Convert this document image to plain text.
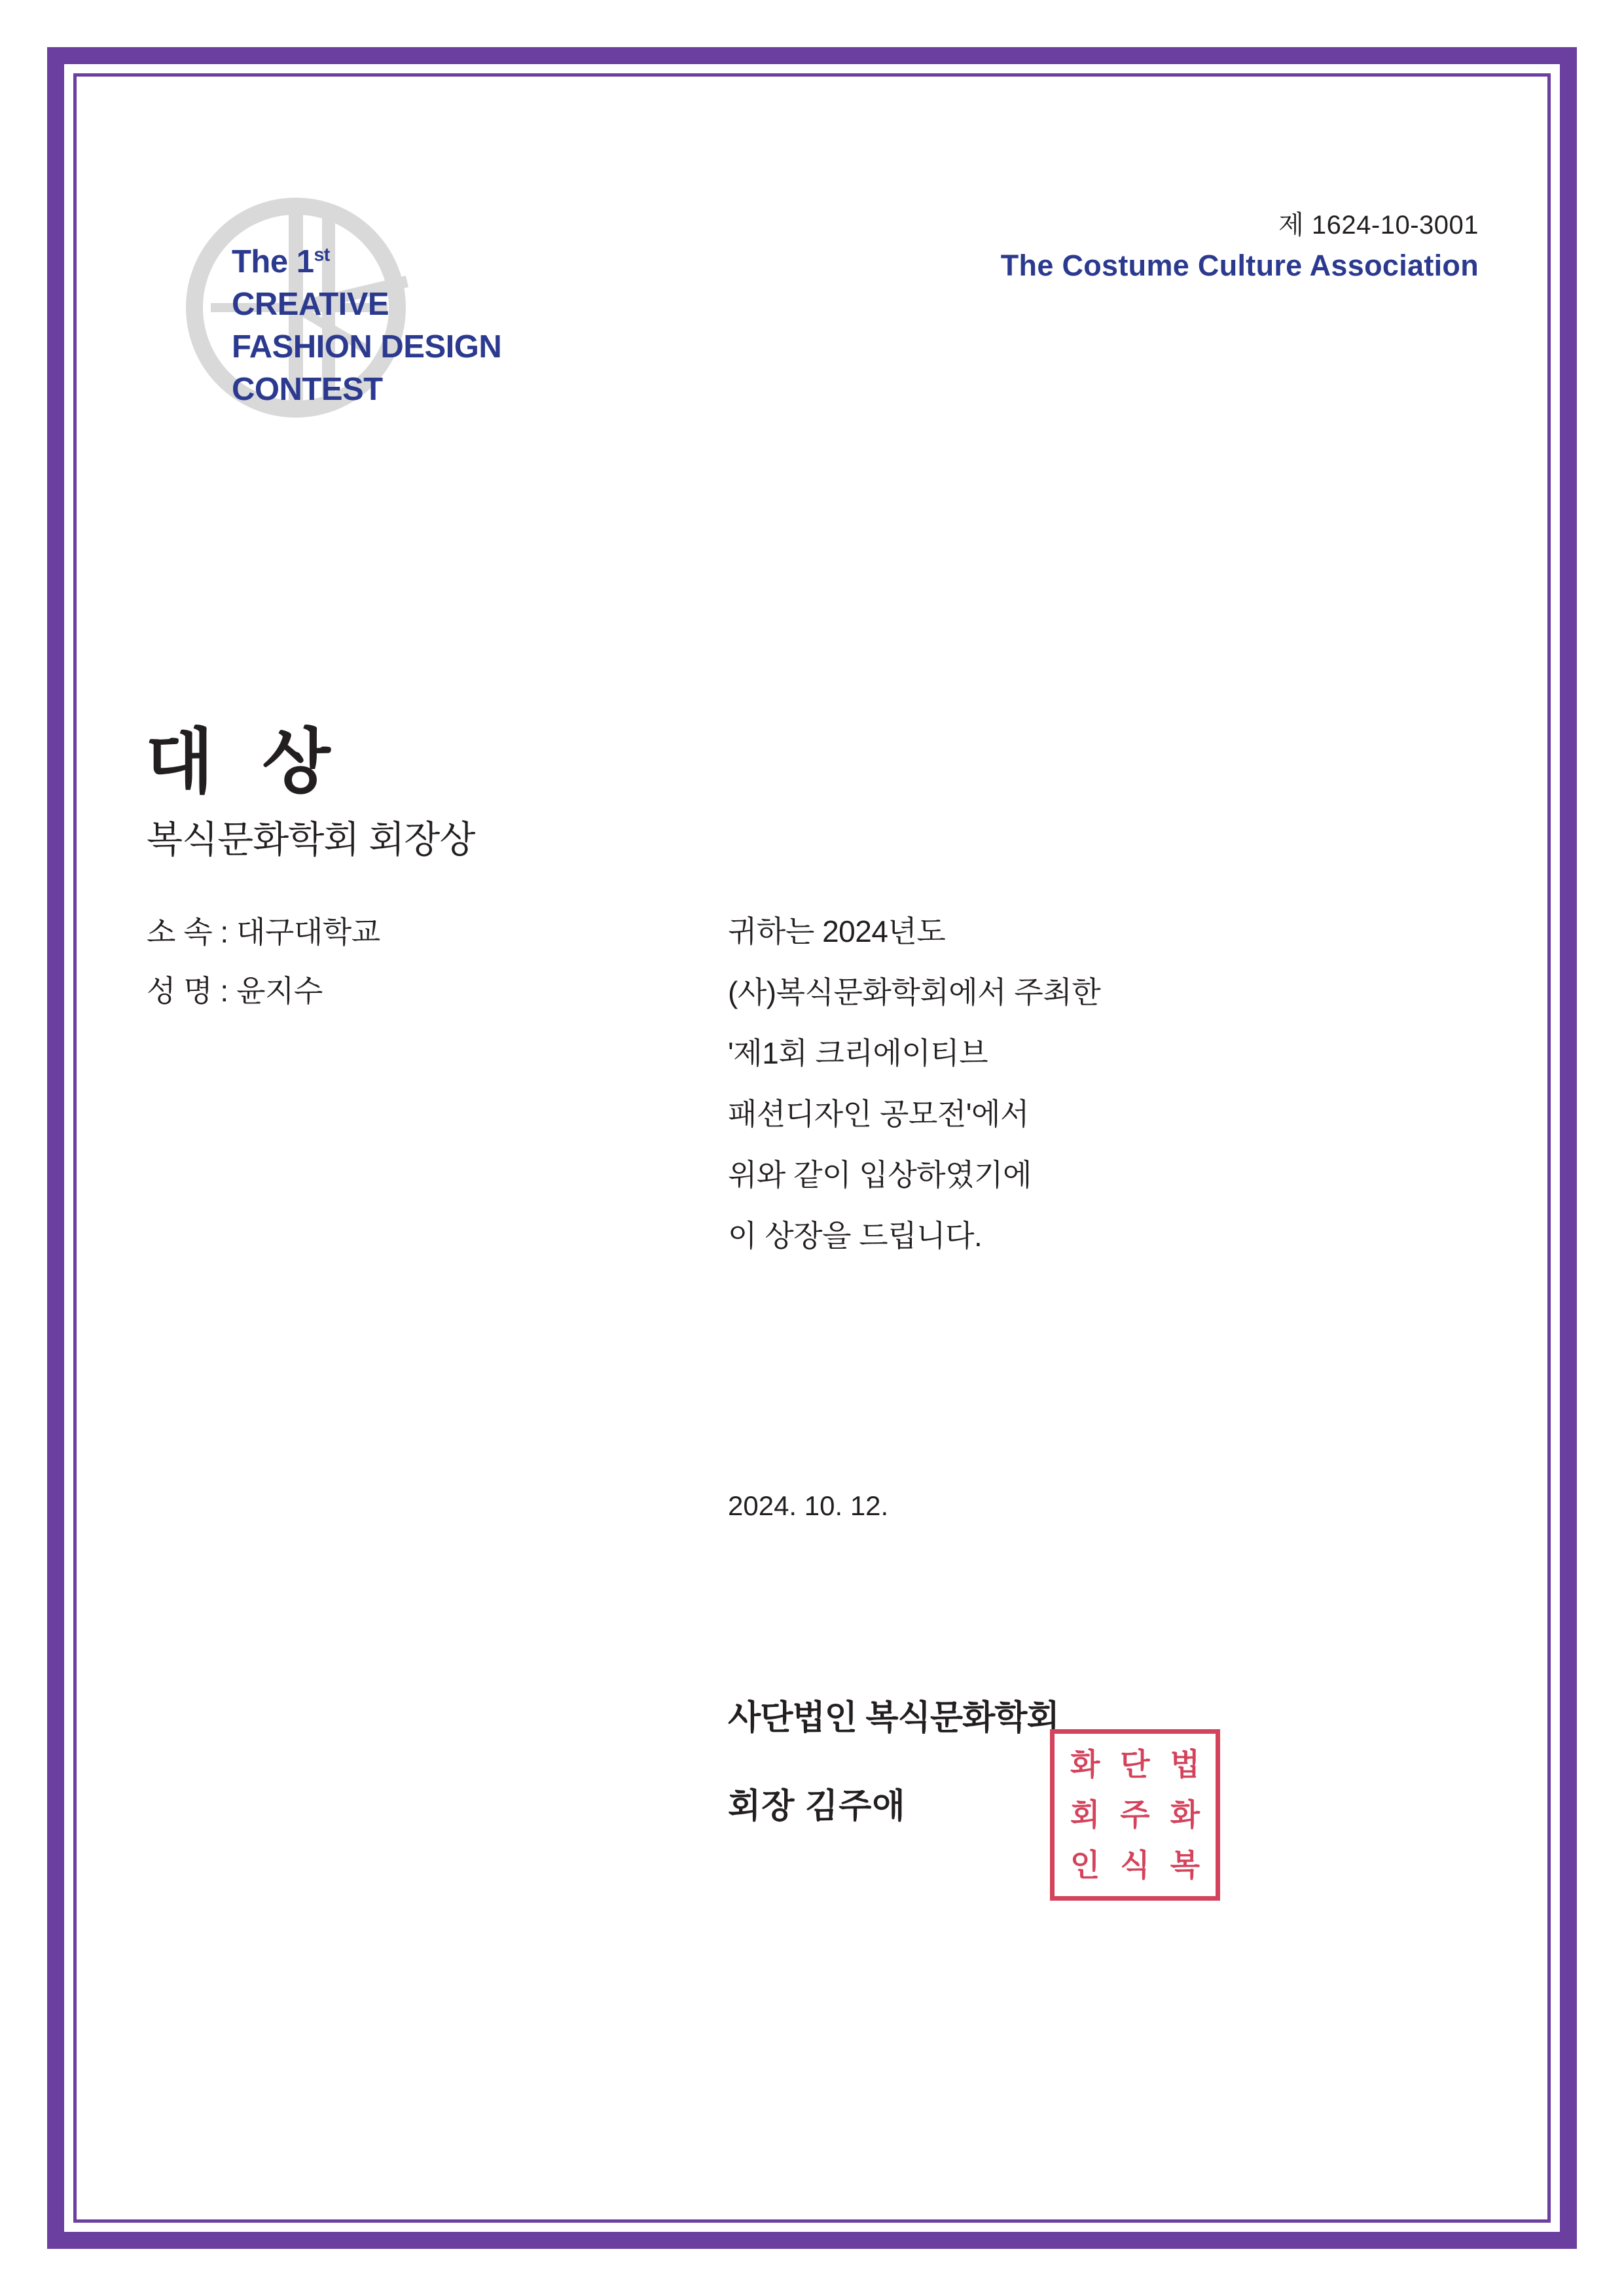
제 1624-10-3001
The Costume Culture Association
The 1st
CREATIVE
FASHION DESIGN
CONTEST
대 상
복식문화학회 회장상
소 속 : 대구대학교
성 명 : 윤지수
귀하는 2024년도
(사)복식문화학회에서 주최한
'제1회 크리에이티브
패션디자인 공모전'에서
위와 같이 입상하였기에
이 상장을 드립니다.
2024. 10. 12.
사단법인 복식문화학회
회장 김주애
화 단 법
회 주 화
인 식 복
